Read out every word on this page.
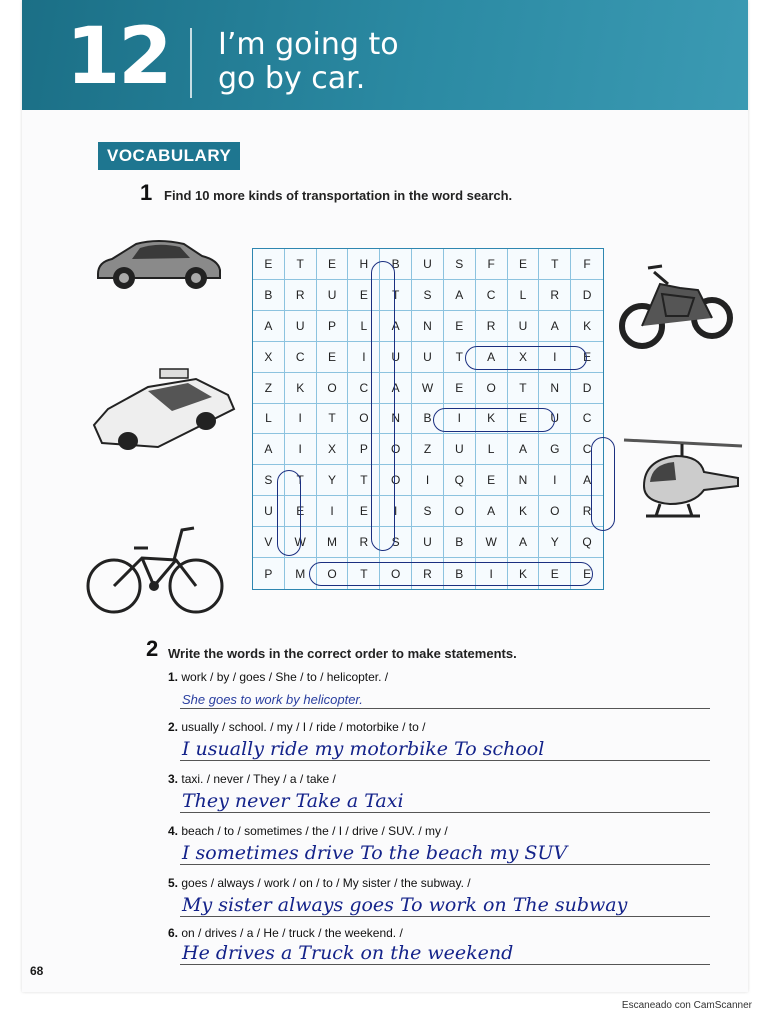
12 I’m going to
go by car.
VOCABULARY
1 Find 10 more kinds of transportation in the word search.
E	T	E	H	B	U	S	F	E	T	F
B	R	U	E	T	S	A	C	L	R	D
A	U	P	L	A	N	E	R	U	A	K
X	C	E	I	U	U	T	A	X	I	E
Z	K	O	C	A	W	E	O	T	N	D
L	I	T	O	N	B	I	K	E	U	C
A	I	X	P	O	Z	U	L	A	G	C
S	T	Y	T	O	I	Q	E	N	I	A
U	E	I	E	I	S	O	A	K	O	R
V	W	M	R	S	U	B	W	A	Y	Q
P	M	O	T	O	R	B	I	K	E	E
2 Write the words in the correct order to make statements.
1. work / by / goes / She / to / helicopter. /
She goes to work by helicopter.
2. usually / school. / my / I / ride / motorbike / to /
I usually ride my motorbike To school
3. taxi. / never / They / a / take /
They never Take a Taxi
4. beach / to / sometimes / the / I / drive / SUV. / my /
I sometimes drive To the beach my SUV
5. goes / always / work / on / to / My sister / the subway. /
My sister always goes To work on The subway
6. on / drives / a / He / truck / the weekend. /
He drives a Truck on the weekend
68
Escaneado con CamScanner
